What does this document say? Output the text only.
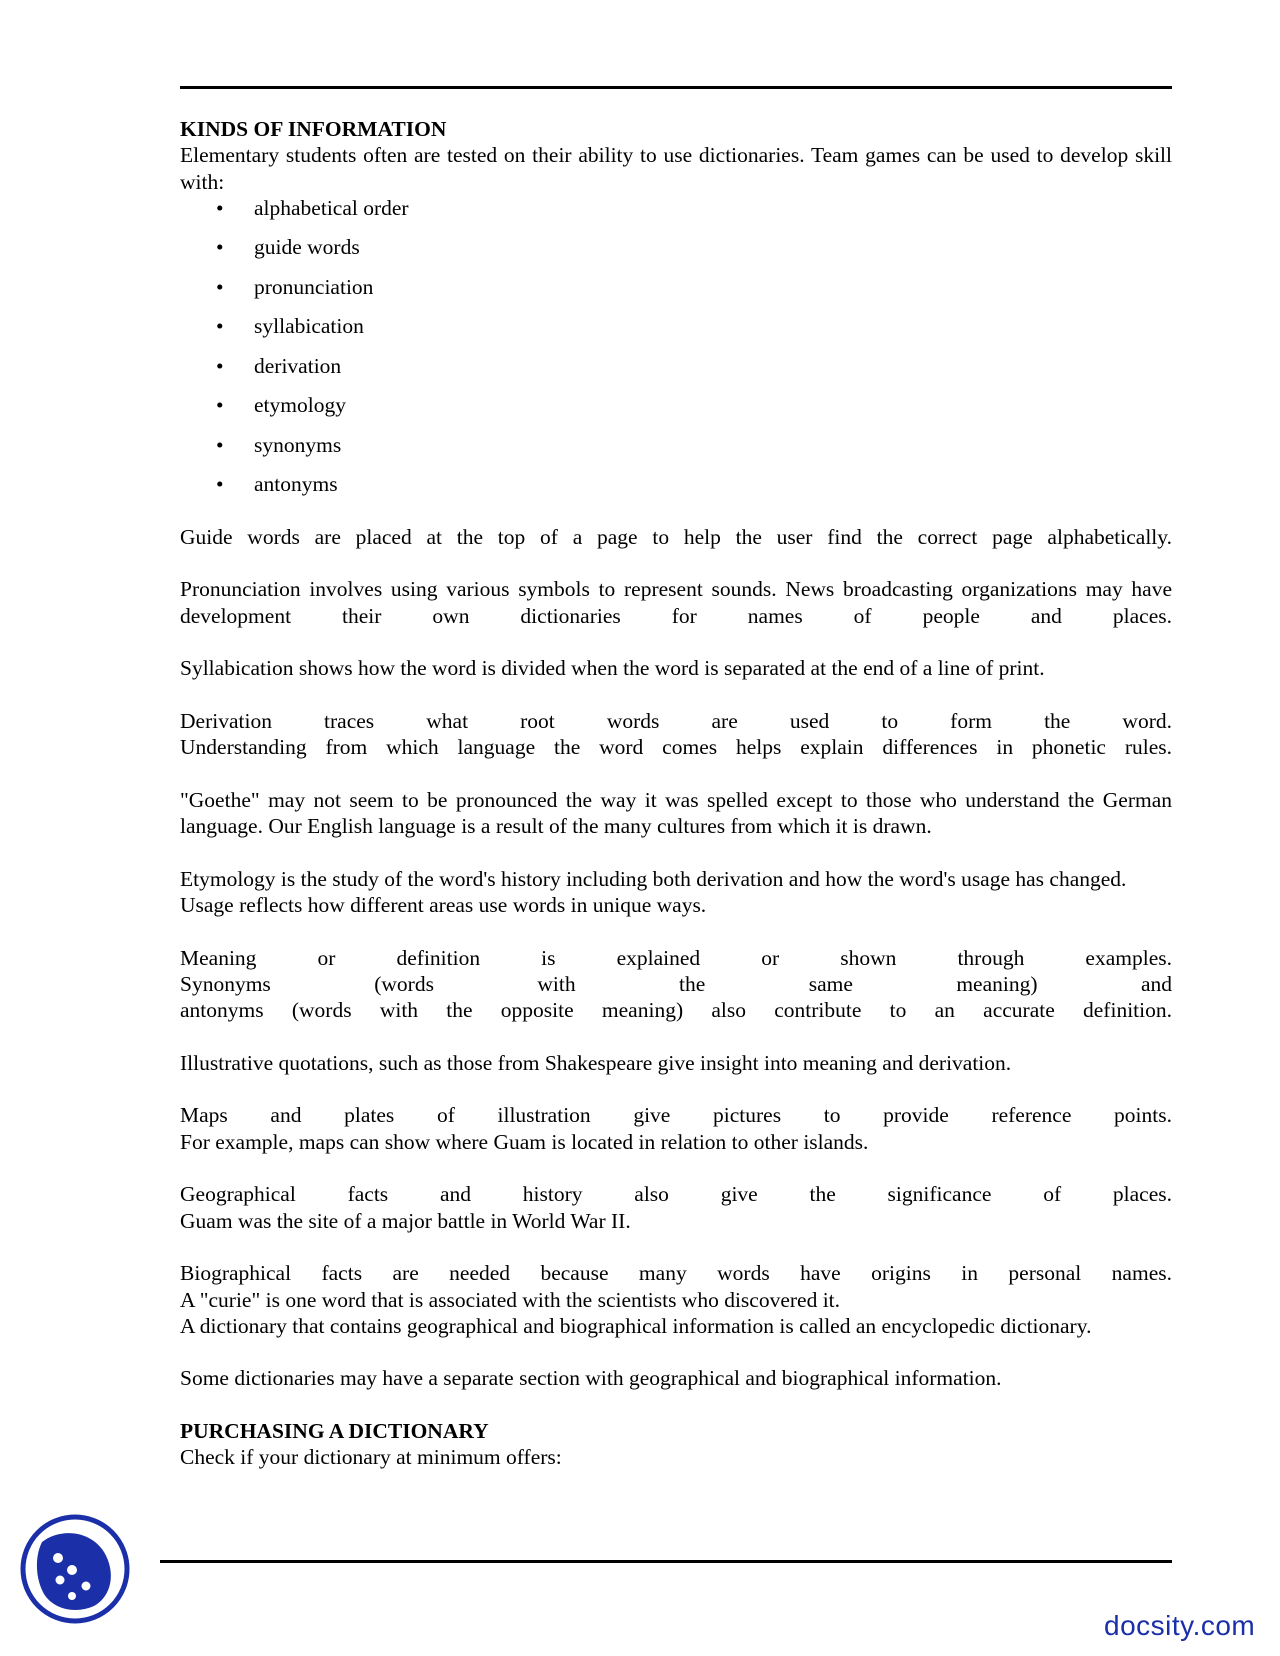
KINDS OF INFORMATION

Elementary students often are tested on their ability to use dictionaries. Team games can be used to develop skill with:

• alphabetical order
• guide words
• pronunciation
• syllabication
• derivation
• etymology
• synonyms
• antonyms

Guide words are placed at the top of a page to help the user find the correct page alphabetically.

Pronunciation involves using various symbols to represent sounds. News broadcasting organizations may have development their own dictionaries for names of people and places.

Syllabication shows how the word is divided when the word is separated at the end of a line of print.

Derivation traces what root words are used to form the word.

Understanding from which language the word comes helps explain differences in phonetic rules.

"Goethe" may not seem to be pronounced the way it was spelled except to those who understand the German language. Our English language is a result of the many cultures from which it is drawn.

Etymology is the study of the word's history including both derivation and how the word's usage has changed.

Usage reflects how different areas use words in unique ways.

Meaning or definition is explained or shown through examples.

Synonyms (words with the same meaning) and

antonyms (words with the opposite meaning) also contribute to an accurate definition.

Illustrative quotations, such as those from Shakespeare give insight into meaning and derivation.

Maps and plates of illustration give pictures to provide reference points.

For example, maps can show where Guam is located in relation to other islands.

Geographical facts and history also give the significance of places.

Guam was the site of a major battle in World War II.

Biographical facts are needed because many words have origins in personal names.

A "curie" is one word that is associated with the scientists who discovered it.

A dictionary that contains geographical and biographical information is called an encyclopedic dictionary.

Some dictionaries may have a separate section with geographical and biographical information.

PURCHASING A DICTIONARY

Check if your dictionary at minimum offers:

docsity.com
